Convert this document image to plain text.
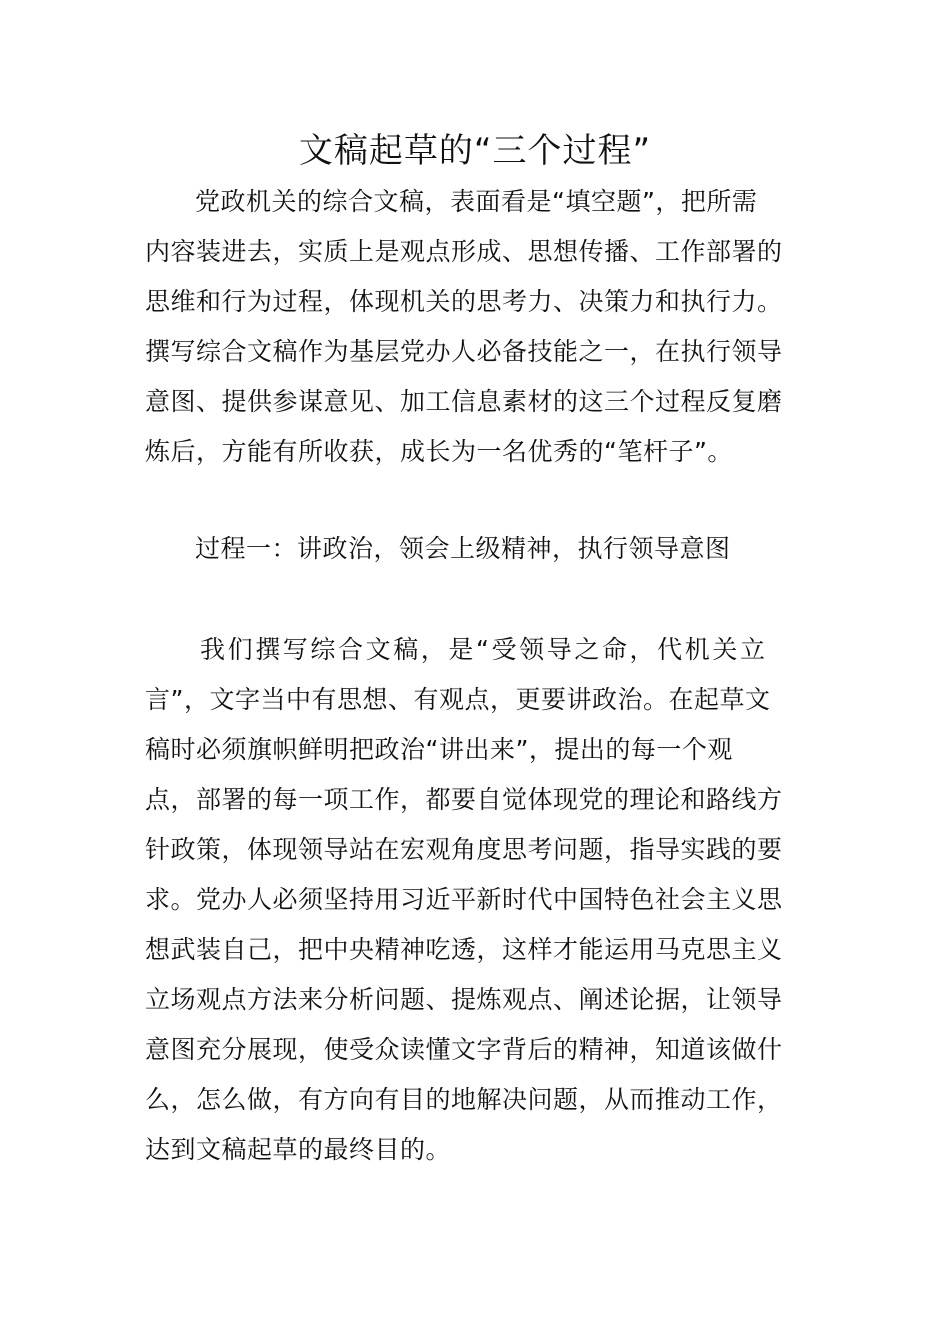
文稿起草的“三个过程”
党政机关的综合文稿，表面看是“填空题”，把所需
内容装进去，实质上是观点形成、思想传播、工作部署的
思维和行为过程，体现机关的思考力、决策力和执行力。
撰写综合文稿作为基层党办人必备技能之一，在执行领导
意图、提供参谋意见、加工信息素材的这三个过程反复磨
炼后，方能有所收获，成长为一名优秀的“笔杆子”。
过程一：讲政治，领会上级精神，执行领导意图
我们撰写综合文稿，是“受领导之命，代机关立
言”，文字当中有思想、有观点，更要讲政治。在起草文
稿时必须旗帜鲜明把政治“讲出来”，提出的每一个观
点，部署的每一项工作，都要自觉体现党的理论和路线方
针政策，体现领导站在宏观角度思考问题，指导实践的要
求。党办人必须坚持用习近平新时代中国特色社会主义思
想武装自己，把中央精神吃透，这样才能运用马克思主义
立场观点方法来分析问题、提炼观点、阐述论据，让领导
意图充分展现，使受众读懂文字背后的精神，知道该做什
么，怎么做，有方向有目的地解决问题，从而推动工作，
达到文稿起草的最终目的。
